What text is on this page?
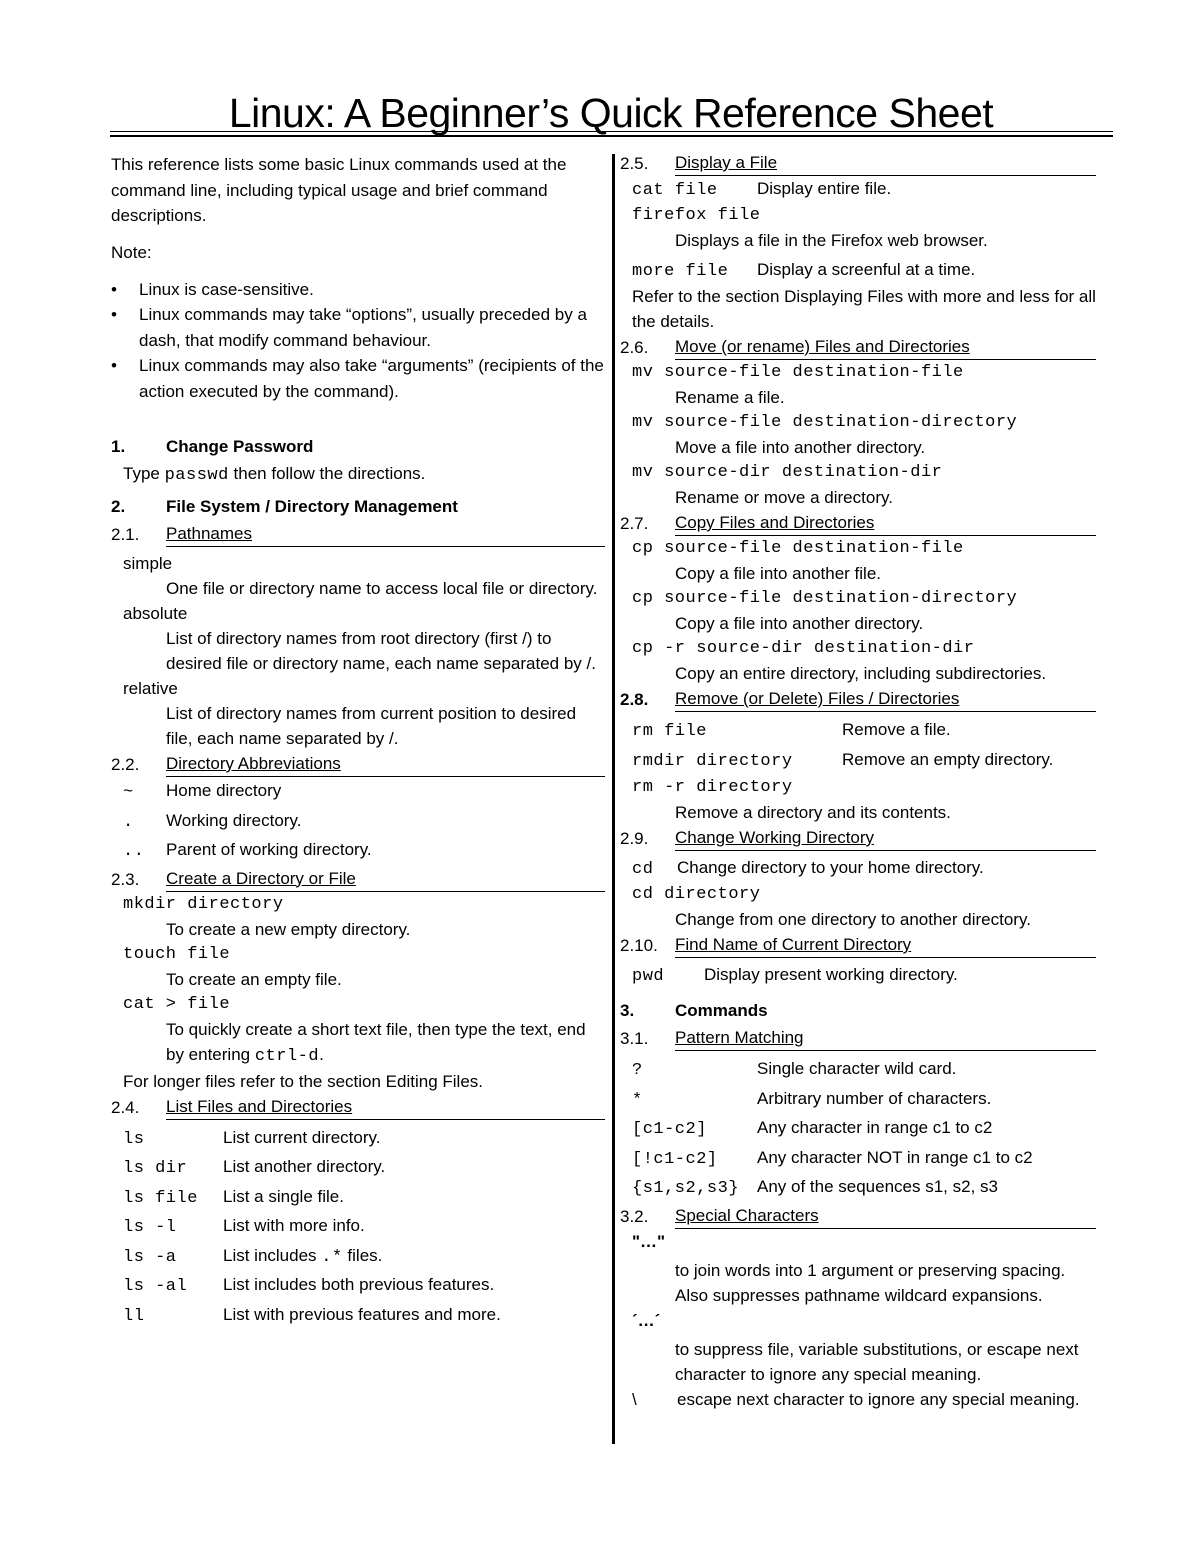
Linux: A Beginner’s Quick Reference Sheet

This reference lists some basic Linux commands used at the command line, including typical usage and brief command descriptions.

Note:

• Linux is case-sensitive.
• Linux commands may take “options”, usually preceded by a dash, that modify command behaviour.
• Linux commands may also take “arguments” (recipients of the action executed by the command).
1.	Change Password

Type passwd then follow the directions.

2.	File System / Directory Management
2.1.	Pathnames

simple

One file or directory name to access local file or directory.

absolute

List of directory names from root directory (first /) to desired file or directory name, each name separated by /.

relative

List of directory names from current position to desired file, each name separated by /.

2.2.	Directory Abbreviations
~	Home directory
.	Working directory.
..	Parent of working directory.
2.3.	Create a Directory or File

mkdir directory

To create a new empty directory.

touch file

To create an empty file.

cat > file

To quickly create a short text file, then type the text, end by entering ctrl-d.

For longer files refer to the section Editing Files.

2.4.	List Files and Directories
ls	List current directory.
ls dir	List another directory.
ls file	List a single file.
ls -l	List with more info.
ls -a	List includes .* files.
ls -al	List includes both previous features.
ll	List with previous features and more.
2.5.	Display a File
cat file	Display entire file.

firefox file

Displays a file in the Firefox web browser.

more file	Display a screenful at a time.

Refer to the section Displaying Files with more and less for all the details.

2.6.	Move (or rename) Files and Directories

mv source-file destination-file

Rename a file.

mv source-file destination-directory

Move a file into another directory.

mv source-dir destination-dir

Rename or move a directory.

2.7.	Copy Files and Directories

cp source-file destination-file

Copy a file into another file.

cp source-file destination-directory

Copy a file into another directory.

cp -r source-dir destination-dir

Copy an entire directory, including subdirectories.

2.8.	Remove (or Delete) Files / Directories
rm file	Remove a file.
rmdir directory	Remove an empty directory.

rm -r directory

Remove a directory and its contents.

2.9.	Change Working Directory
cd	Change directory to your home directory.

cd directory

Change from one directory to another directory.

2.10.	Find Name of Current Directory
pwd	Display present working directory.
3.	Commands
3.1.	Pattern Matching
?	Single character wild card.
*	Arbitrary number of characters.
[c1-c2]	Any character in range c1 to c2
[!c1-c2]	Any character NOT in range c1 to c2
{s1,s2,s3}	Any of the sequences s1, s2, s3
3.2.	Special Characters

"…"

to join words into 1 argument or preserving spacing. Also suppresses pathname wildcard expansions.

´…´

to suppress file, variable substitutions, or escape next character to ignore any special meaning.

\	escape next character to ignore any special meaning.
